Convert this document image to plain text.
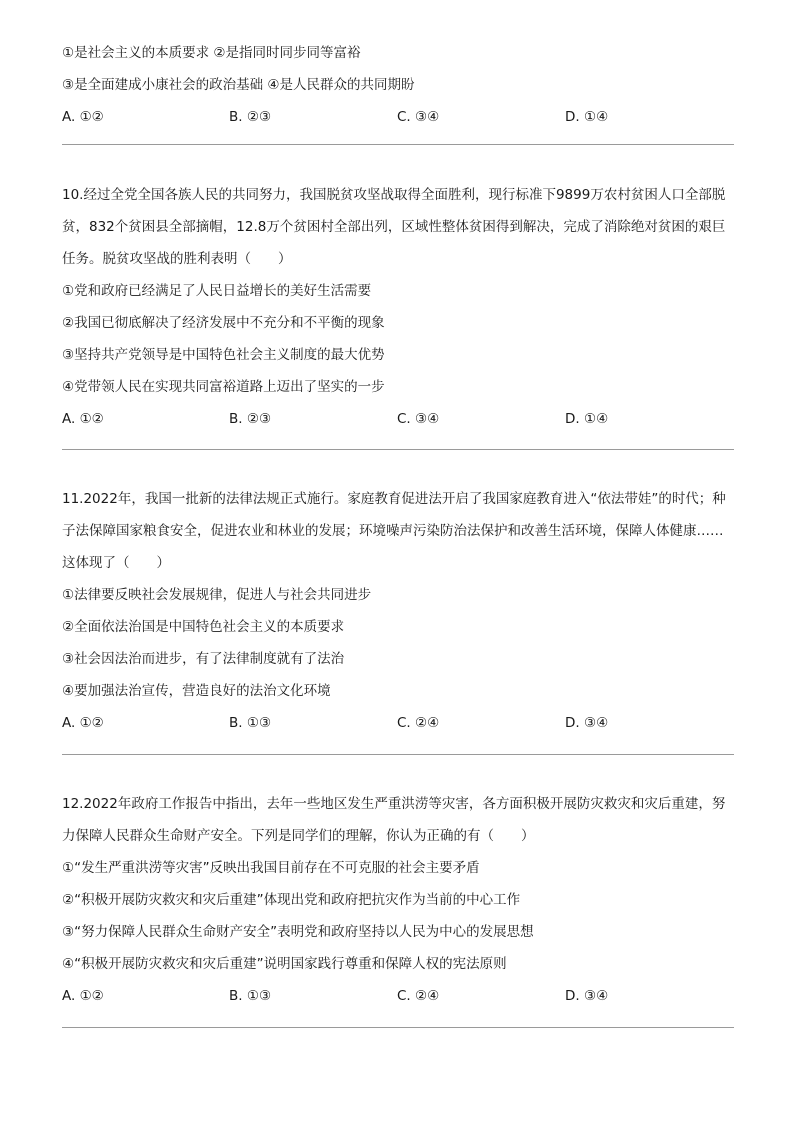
①是社会主义的本质要求 ②是指同时同步同等富裕
③是全面建成小康社会的政治基础 ④是人民群众的共同期盼
A. ①②	B. ②③	C. ③④	D. ①④
10.经过全党全国各族人民的共同努力，我国脱贫攻坚战取得全面胜利，现行标准下9899万农村贫困人口全部脱贫，832个贫困县全部摘帽，12.8万个贫困村全部出列，区域性整体贫困得到解决，完成了消除绝对贫困的艰巨任务。脱贫攻坚战的胜利表明（　　）
①党和政府已经满足了人民日益增长的美好生活需要
②我国已彻底解决了经济发展中不充分和不平衡的现象
③坚持共产党领导是中国特色社会主义制度的最大优势
④党带领人民在实现共同富裕道路上迈出了坚实的一步
A. ①②	B. ②③	C. ③④	D. ①④
11.2022年，我国一批新的法律法规正式施行。家庭教育促进法开启了我国家庭教育进入“依法带娃”的时代；种子法保障国家粮食安全，促进农业和林业的发展；环境噪声污染防治法保护和改善生活环境，保障人体健康……这体现了（　　）
①法律要反映社会发展规律，促进人与社会共同进步
②全面依法治国是中国特色社会主义的本质要求
③社会因法治而进步，有了法律制度就有了法治
④要加强法治宣传，营造良好的法治文化环境
A. ①②	B. ①③	C. ②④	D. ③④
12.2022年政府工作报告中指出，去年一些地区发生严重洪涝等灾害，各方面积极开展防灾救灾和灾后重建，努力保障人民群众生命财产安全。下列是同学们的理解，你认为正确的有（　　）
①“发生严重洪涝等灾害”反映出我国目前存在不可克服的社会主要矛盾
②“积极开展防灾救灾和灾后重建”体现出党和政府把抗灾作为当前的中心工作
③“努力保障人民群众生命财产安全”表明党和政府坚持以人民为中心的发展思想
④“积极开展防灾救灾和灾后重建”说明国家践行尊重和保障人权的宪法原则
A. ①②	B. ①③	C. ②④	D. ③④
